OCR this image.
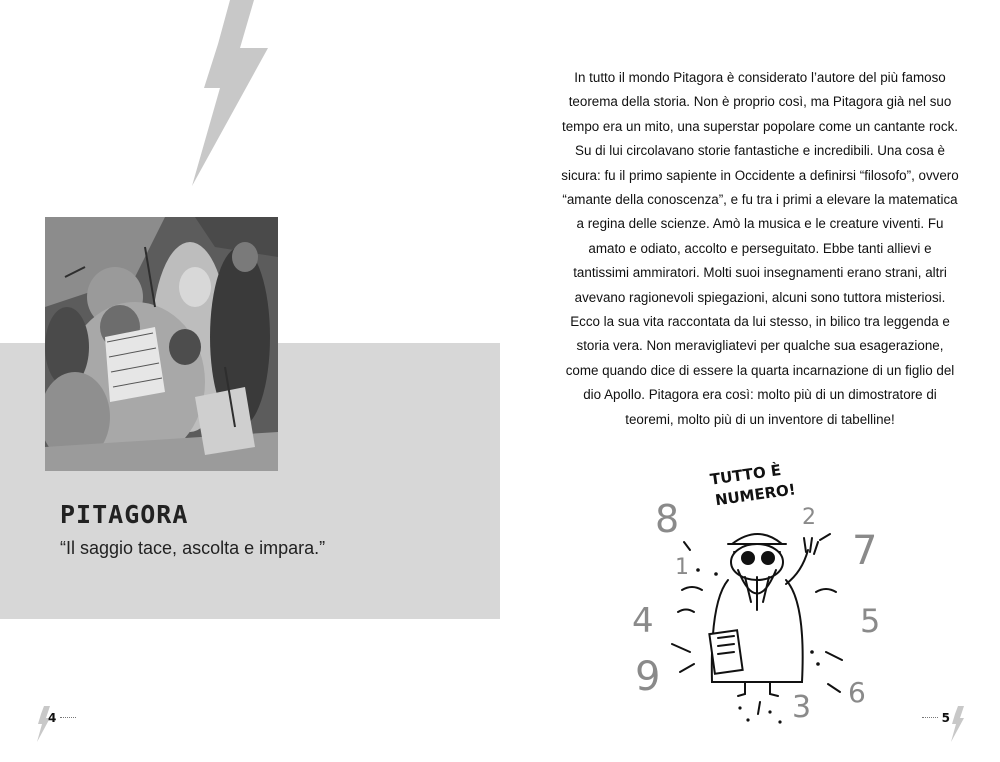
PITAGORA

“Il saggio tace, ascolta e impara.”

In tutto il mondo Pitagora è considerato l’autore del più famoso teorema della storia. Non è proprio così, ma Pitagora già nel suo tempo era un mito, una superstar popolare come un cantante rock. Su di lui circolavano storie fantastiche e incredibili. Una cosa è sicura: fu il primo sapiente in Occidente a definirsi “filosofo”, ovvero “amante della conoscenza”, e fu tra i primi a elevare la matematica a regina delle scienze. Amò la musica e le creature viventi. Fu amato e odiato, accolto e perseguitato. Ebbe tanti allievi e tantissimi ammiratori. Molti suoi insegnamenti erano strani, altri avevano ragionevoli spiegazioni, alcuni sono tuttora misteriosi.

Ecco la sua vita raccontata da lui stesso, in bilico tra leggenda e storia vera. Non meravigliatevi per qualche sua esagerazione, come quando dice di essere la quarta incarnazione di un figlio del dio Apollo. Pitagora era così: molto più di un dimostratore di teoremi, molto più di un inventore di tabelline!

TUTTO È
NUMERO!
8	2
7
1
4	5
9	6
3
4	5
